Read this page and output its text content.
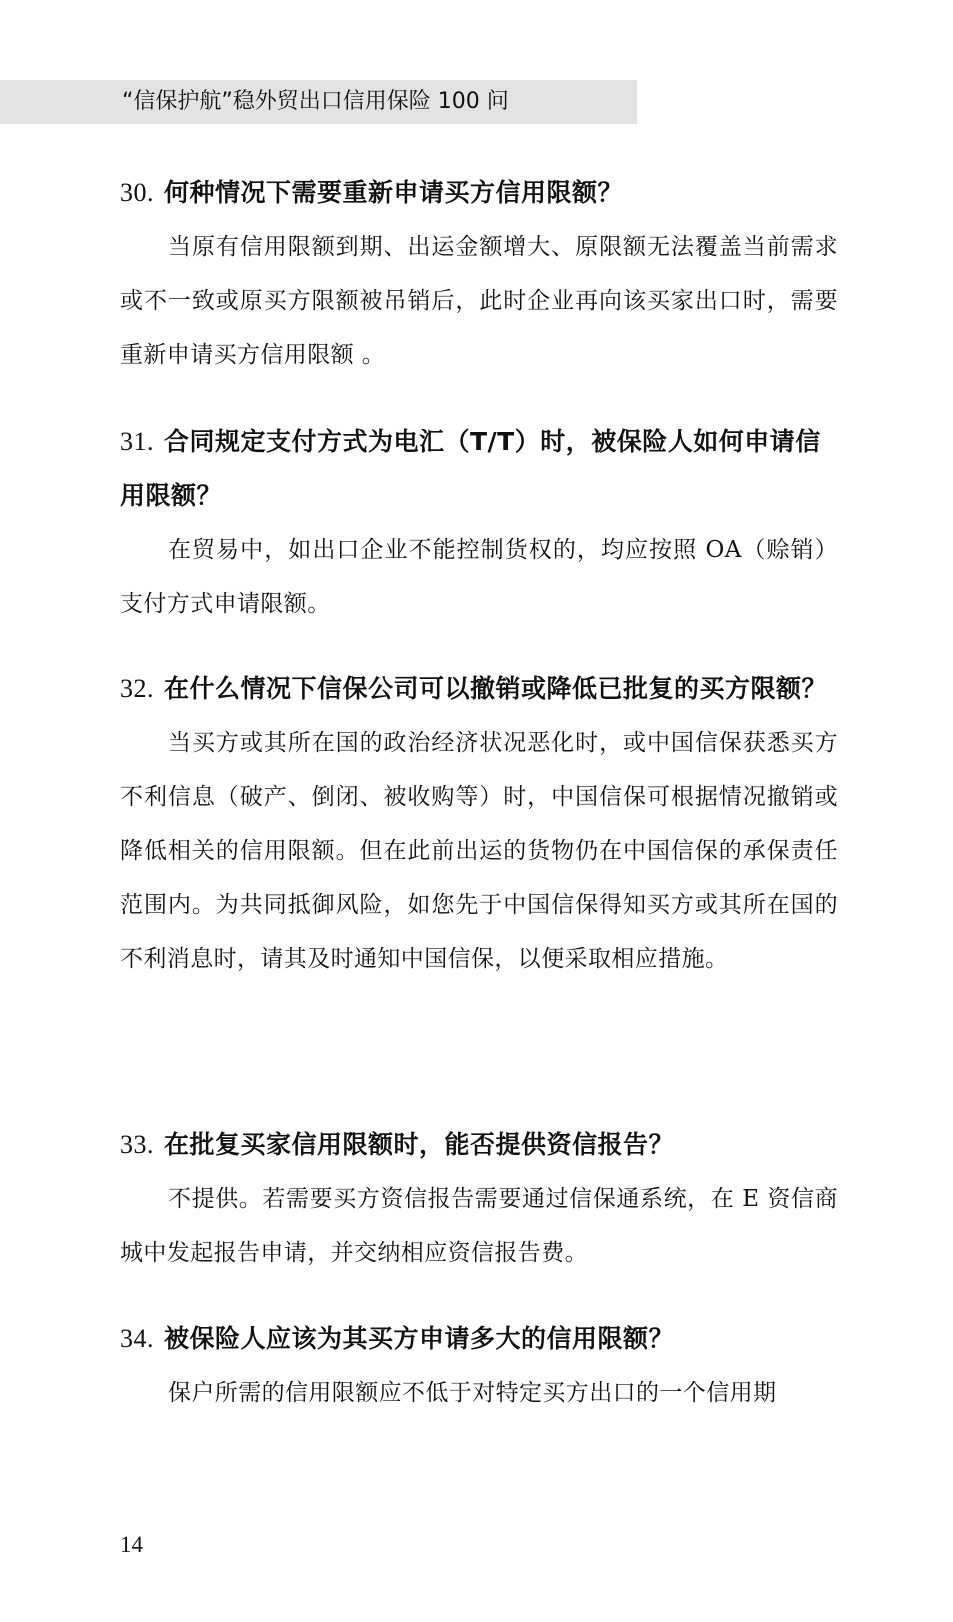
“信保护航”稳外贸出口信用保险 100 问

30. 何种情况下需要重新申请买方信用限额？

当原有信用限额到期、出运金额增大、原限额无法覆盖当前需求或不一致或原买方限额被吊销后，此时企业再向该买家出口时，需要重新申请买方信用限额 。

31. 合同规定支付方式为电汇（T/T）时，被保险人如何申请信用限额？

在贸易中，如出口企业不能控制货权的，均应按照 OA（赊销）支付方式申请限额。

32. 在什么情况下信保公司可以撤销或降低已批复的买方限额？

当买方或其所在国的政治经济状况恶化时，或中国信保获悉买方不利信息（破产、倒闭、被收购等）时，中国信保可根据情况撤销或降低相关的信用限额。但在此前出运的货物仍在中国信保的承保责任范围内。为共同抵御风险，如您先于中国信保得知买方或其所在国的不利消息时，请其及时通知中国信保，以便采取相应措施。

33. 在批复买家信用限额时，能否提供资信报告？

不提供。若需要买方资信报告需要通过信保通系统，在 E 资信商城中发起报告申请，并交纳相应资信报告费。

34. 被保险人应该为其买方申请多大的信用限额？

保户所需的信用限额应不低于对特定买方出口的一个信用期

14
